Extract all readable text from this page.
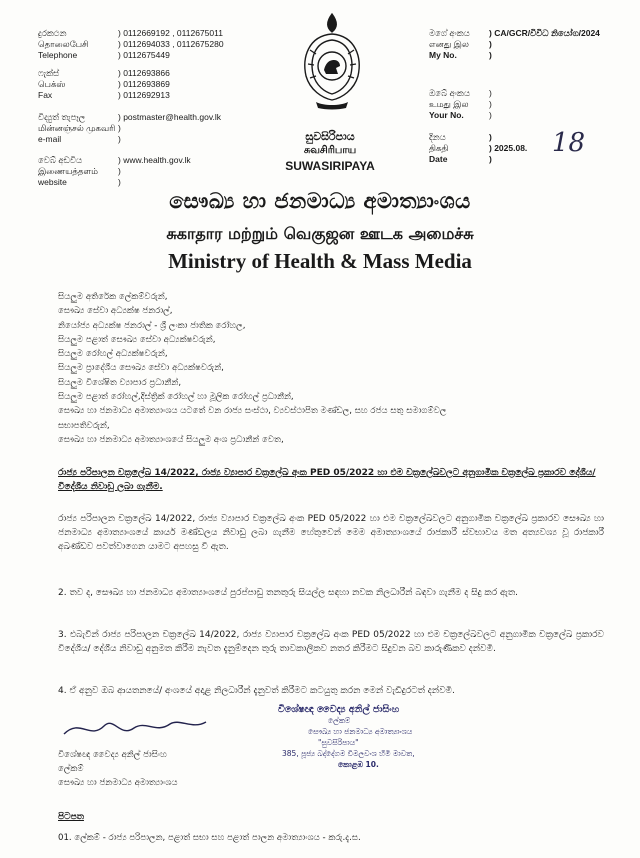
දුරකථන
தொலைபேசி
Telephone
) 0112669192 , 0112675011
) 0112694033 , 0112675280
) 0112675449
ෆැක්ස්
பெக்ஸ்
Fax
) 0112693866
) 0112693869
) 0112692913
විද්‍යුත් තැපෑල
மின்னஞ்சல் முகவரி
e-mail
) postmaster@health.gov.lk
)
)
වෙබ් අඩවිය
இணையத்தளம்
website
) www.health.gov.lk
)
)
සුවසිරිපාය
சுவசிரிபாய
SUWASIRIPAYA
මගේ අංකය
எனது இல
My No.
) CA/GCR/විවිධ නියෝග/2024
)
)
ඔබේ අංකය
உமது இல
Your No.
)
)
)
දිනය
திகதி
Date
)
) 2025.08.
)
18
සෞඛ්‍ය හා ජනමාධ්‍ය අමාත්‍යාංශය
சுகாதார மற்றும் வெகுஜன ஊடக அமைச்சு
Ministry of Health & Mass Media
සියලුම අතිරේක ලේකම්වරුන්,
සෞඛ්‍ය සේවා අධ්‍යක්ෂ ජනරාල්,
නියෝජ්‍ය අධ්‍යක්ෂ ජනරාල් - ශ්‍රී ලංකා ජාතික රෝහල,
සියලුම පළාත් සෞඛ්‍ය සේවා අධ්‍යක්ෂවරුන්,
සියලුම රෝහල් අධ්‍යක්ෂවරුන්,
සියලුම ප්‍රාදේශීය සෞඛ්‍ය සේවා අධ්‍යක්ෂවරුන්,
සියලුම විශේෂිත ව්‍යාපාර ප්‍රධානීන්,
සියලුම පළාත් රෝහල්,දිස්ත්‍රික් රෝහල් හා මූලික රෝහල් ප්‍රධානීන්,
සෞඛ්‍ය හා ජනමාධ්‍ය අමාත්‍යාංශය යටතේ වන රාජ්‍ය සංස්ථා, ව්‍යවස්ථාපිත මණ්ඩල, සහ රජය සතු සමාගම්වල
සභාපතිවරුන්,
සෞඛ්‍ය හා ජනමාධ්‍ය අමාත්‍යාංශයේ සියලුම අංශ ප්‍රධානීන් වෙත,
රාජ්‍ය පරිපාලන චක්‍රලේඛ 14/2022, රාජ්‍ය ව්‍යාපාර චක්‍රලේඛ අංක PED 05/2022 හා එම චක්‍රලේඛවලට අනුගාමික චක්‍රලේඛ ප්‍රකාරව දේශීය/ විදේශීය නිවාඩු ලබා ගැනීම.
රාජ්‍ය පරිපාලන චක්‍රලේඛ 14/2022, රාජ්‍ය ව්‍යාපාර චක්‍රලේඛ අංක PED 05/2022 හා එම චක්‍රලේඛවලට අනුගාමික චක්‍රලේඛ ප්‍රකාරව සෞඛ්‍ය හා ජනමාධ්‍ය අමාත්‍යාංශයේ කාර්ය මණ්ඩලය නිවාඩු ලබා ගැනීම හේතුවෙන් මෙම අමාත්‍යාංශයේ රාජකාරී ස්වභාවය මත අත්‍යවශ්‍ය වූ රාජකාරී අඛණ්ඩව පවත්වාගෙන යාමට අපහසු වී ඇත.
2. තව ද, සෞඛ්‍ය හා ජනමාධ්‍ය අමාත්‍යාංශයේ පුරප්පාඩු තනතුරු සියල්ල සඳහා නවක නිලධාරීන් බඳවා ගැනීම ද සිදු කර ඇත.
3. එබැවින් රාජ්‍ය පරිපාලන චක්‍රලේඛ 14/2022, රාජ්‍ය ව්‍යාපාර චක්‍රලේඛ අංක PED 05/2022 හා එම චක්‍රලේඛවලට අනුගාමික චක්‍රලේඛ ප්‍රකාරව විදේශීය/ දේශීය නිවාඩු අනුමත කිරීම නැවත දැනුම්දෙන තුරු තාවකාලිකව නතර කිරීමට සිදුවන බව කාරුණිකව දන්වමි.
4. ඒ අනුව ඔබ ආයතනයේ/ අංශයේ අදාළ නිලධාරීන් දැනුවත් කිරීමට කටයුතු කරන මෙන් වැඩිදුරටත් දන්වමි.
විශේෂඥ වෛද්‍ය අනිල් ජාසිංහ
ලේකම්
සෞඛ්‍ය හා ජනමාධ්‍ය අමාත්‍යාංශය
විශේෂඥ වෛද්‍ය අනිල් ජාසිංහ
ලේකම්
සෞඛ්‍ය හා ජනමාධ්‍ය අමාත්‍යාංශය
"සුවසිරිපාය"
385, පූජ්‍ය බද්දේගම විමලවංශ හිමි මාවත,
කොළඹ 10.
පිටපත
01. ලේකම් - රාජ්‍ය පරිපාලන, පළාත් සභා සහ පළාත් පාලන අමාත්‍යාංශය - කරු.දැ.ස.
